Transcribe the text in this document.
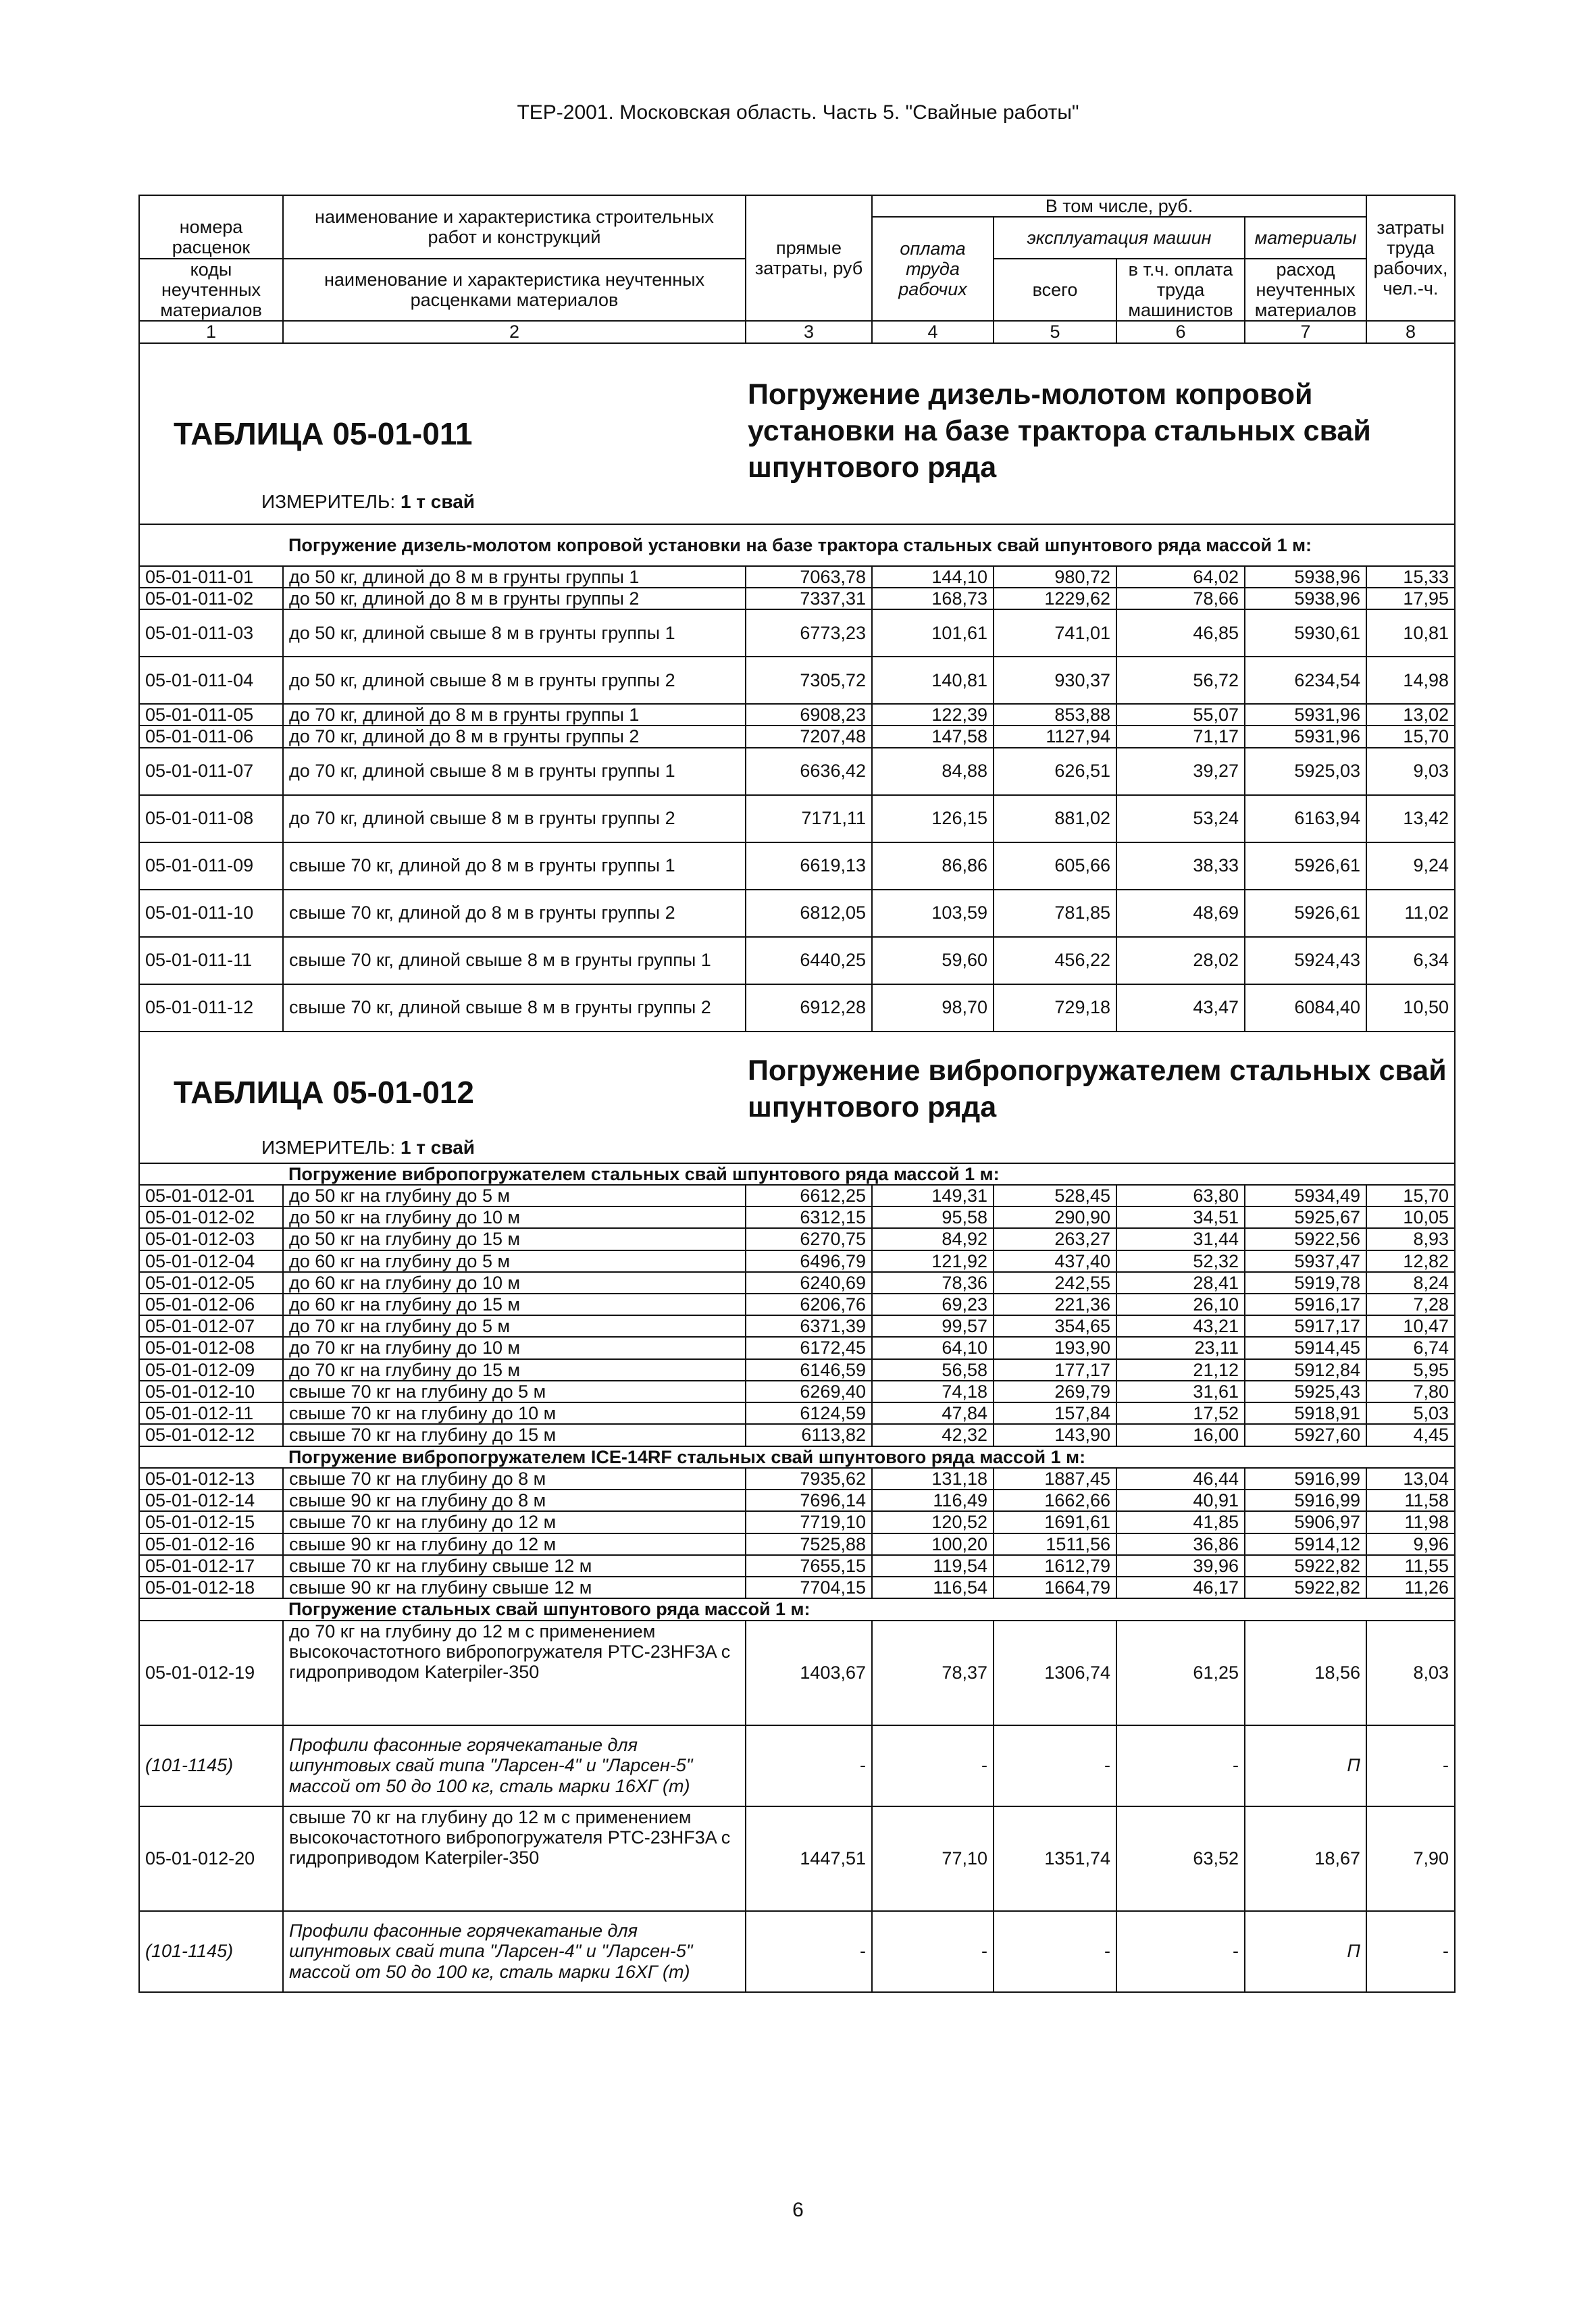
ТЕР-2001. Московская область. Часть 5. "Свайные работы"
	наименование и характеристика строительных работ и конструкций	прямые затраты, руб	В том числе, руб.				затраты труда рабочих, чел.-ч.
номера расценок			оплата труда рабочих	эксплуатация машин		материалы	
коды неучтенных материалов	наименование и характеристика неучтенных расценками материалов			всего	в т.ч. оплата труда машинистов	расход неучтенных материалов	

1	2	3	4	5	6	7	8

ТАБЛИЦА 05-01-011
Погружение дизель-молотом копровой установки на базе трактора стальных свай шпунтового ряда
ИЗМЕРИТЕЛЬ: 1 т свай							

Погружение дизель-молотом копровой установки на базе трактора стальных свай шпунтового ряда массой 1 м:							
05-01-011-01	до 50 кг, длиной до 8 м в грунты группы 1	7063,78	144,10	980,72	64,02	5938,96	15,33
05-01-011-02	до 50 кг, длиной до 8 м в грунты группы 2	7337,31	168,73	1229,62	78,66	5938,96	17,95
05-01-011-03	до 50 кг, длиной свыше 8 м в грунты группы 1	6773,23	101,61	741,01	46,85	5930,61	10,81
05-01-011-04	до 50 кг, длиной свыше 8 м в грунты группы 2	7305,72	140,81	930,37	56,72	6234,54	14,98
05-01-011-05	до 70 кг, длиной до 8 м в грунты группы 1	6908,23	122,39	853,88	55,07	5931,96	13,02
05-01-011-06	до 70 кг, длиной до 8 м в грунты группы 2	7207,48	147,58	1127,94	71,17	5931,96	15,70
05-01-011-07	до 70 кг, длиной свыше 8 м в грунты группы 1	6636,42	84,88	626,51	39,27	5925,03	9,03
05-01-011-08	до 70 кг, длиной свыше 8 м в грунты группы 2	7171,11	126,15	881,02	53,24	6163,94	13,42
05-01-011-09	свыше 70 кг, длиной до 8 м в грунты группы 1	6619,13	86,86	605,66	38,33	5926,61	9,24
05-01-011-10	свыше 70 кг, длиной до 8 м в грунты группы 2	6812,05	103,59	781,85	48,69	5926,61	11,02
05-01-011-11	свыше 70 кг, длиной свыше 8 м в грунты группы 1	6440,25	59,60	456,22	28,02	5924,43	6,34
05-01-011-12	свыше 70 кг, длиной свыше 8 м в грунты группы 2	6912,28	98,70	729,18	43,47	6084,40	10,50

ТАБЛИЦА 05-01-012
Погружение вибропогружателем стальных свай шпунтового ряда
ИЗМЕРИТЕЛЬ: 1 т свай							

Погружение вибропогружателем стальных свай шпунтового ряда массой 1 м:							
05-01-012-01	до 50 кг на глубину до 5 м	6612,25	149,31	528,45	63,80	5934,49	15,70
05-01-012-02	до 50 кг на глубину до 10 м	6312,15	95,58	290,90	34,51	5925,67	10,05
05-01-012-03	до 50 кг на глубину до 15 м	6270,75	84,92	263,27	31,44	5922,56	8,93
05-01-012-04	до 60 кг на глубину до 5 м	6496,79	121,92	437,40	52,32	5937,47	12,82
05-01-012-05	до 60 кг на глубину до 10 м	6240,69	78,36	242,55	28,41	5919,78	8,24
05-01-012-06	до 60 кг на глубину до 15 м	6206,76	69,23	221,36	26,10	5916,17	7,28
05-01-012-07	до 70 кг на глубину до 5 м	6371,39	99,57	354,65	43,21	5917,17	10,47
05-01-012-08	до 70 кг на глубину до 10 м	6172,45	64,10	193,90	23,11	5914,45	6,74
05-01-012-09	до 70 кг на глубину до 15 м	6146,59	56,58	177,17	21,12	5912,84	5,95
05-01-012-10	свыше 70 кг на глубину до 5 м	6269,40	74,18	269,79	31,61	5925,43	7,80
05-01-012-11	свыше 70 кг на глубину до 10 м	6124,59	47,84	157,84	17,52	5918,91	5,03
05-01-012-12	свыше 70 кг на глубину до 15 м	6113,82	42,32	143,90	16,00	5927,60	4,45
Погружение вибропогружателем ICE-14RF стальных свай шпунтового ряда массой 1 м:							
05-01-012-13	свыше 70 кг на глубину до 8 м	7935,62	131,18	1887,45	46,44	5916,99	13,04
05-01-012-14	свыше 90 кг на глубину до 8 м	7696,14	116,49	1662,66	40,91	5916,99	11,58
05-01-012-15	свыше 70 кг на глубину до 12 м	7719,10	120,52	1691,61	41,85	5906,97	11,98
05-01-012-16	свыше 90 кг на глубину до 12 м	7525,88	100,20	1511,56	36,86	5914,12	9,96
05-01-012-17	свыше 70 кг на глубину свыше 12 м	7655,15	119,54	1612,79	39,96	5922,82	11,55
05-01-012-18	свыше 90 кг на глубину свыше 12 м	7704,15	116,54	1664,79	46,17	5922,82	11,26
Погружение стальных свай шпунтового ряда массой 1 м:							
05-01-012-19	до 70 кг на глубину до 12 м с применением высокочастотного вибропогружателя PTC-23HF3A с гидроприводом Katerpiler-350	1403,67	78,37	1306,74	61,25	18,56	8,03
(101-1145)	Профили фасонные горячекатаные для шпунтовых свай типа "Ларсен-4" и "Ларсен-5" массой от 50 до 100 кг, сталь марки 16ХГ (т)	-	-	-	-	П	-
05-01-012-20	свыше 70 кг на глубину до 12 м с применением высокочастотного вибропогружателя PTC-23HF3A с гидроприводом Katerpiler-350	1447,51	77,10	1351,74	63,52	18,67	7,90
(101-1145)	Профили фасонные горячекатаные для шпунтовых свай типа "Ларсен-4" и "Ларсен-5" массой от 50 до 100 кг, сталь марки 16ХГ (т)	-	-	-	-	П	-
6
